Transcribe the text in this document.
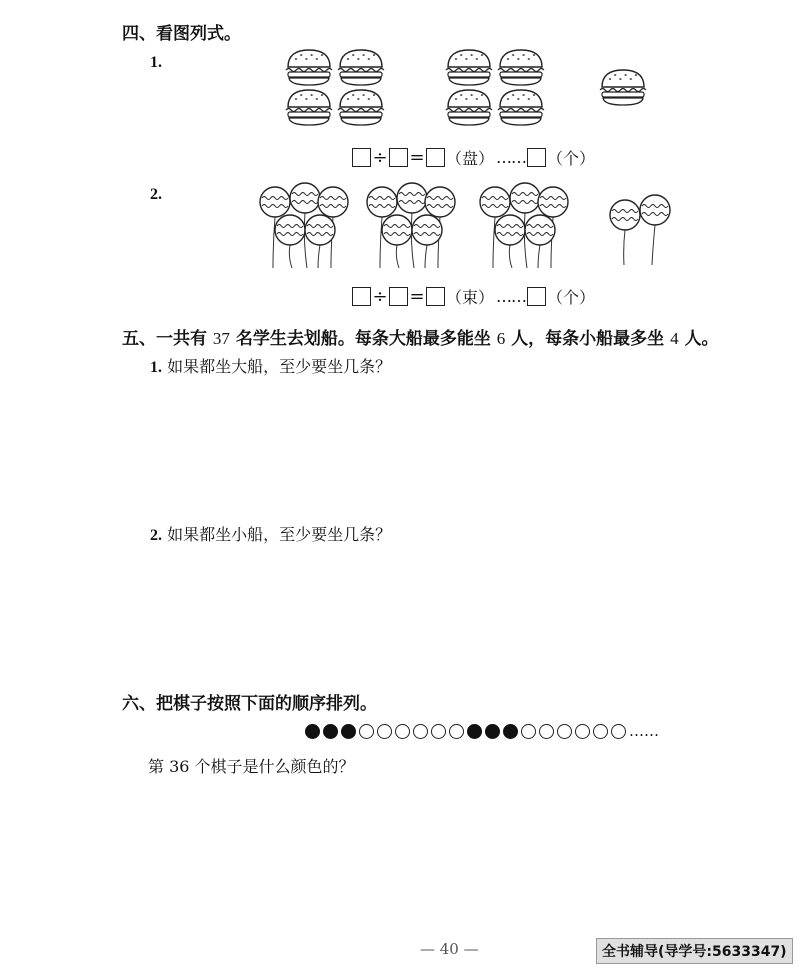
四、看图列式。
1.
÷ = （盘） …… （个）
2.
÷ = （束） …… （个）
五、一共有 37 名学生去划船。每条大船最多能坐 6 人，每条小船最多坐 4 人。
1. 如果都坐大船，至少要坐几条？
2. 如果都坐小船，至少要坐几条？
六、把棋子按照下面的顺序排列。
……
第 36 个棋子是什么颜色的？
— 40 —	全书辅导(导学号:5633347)
